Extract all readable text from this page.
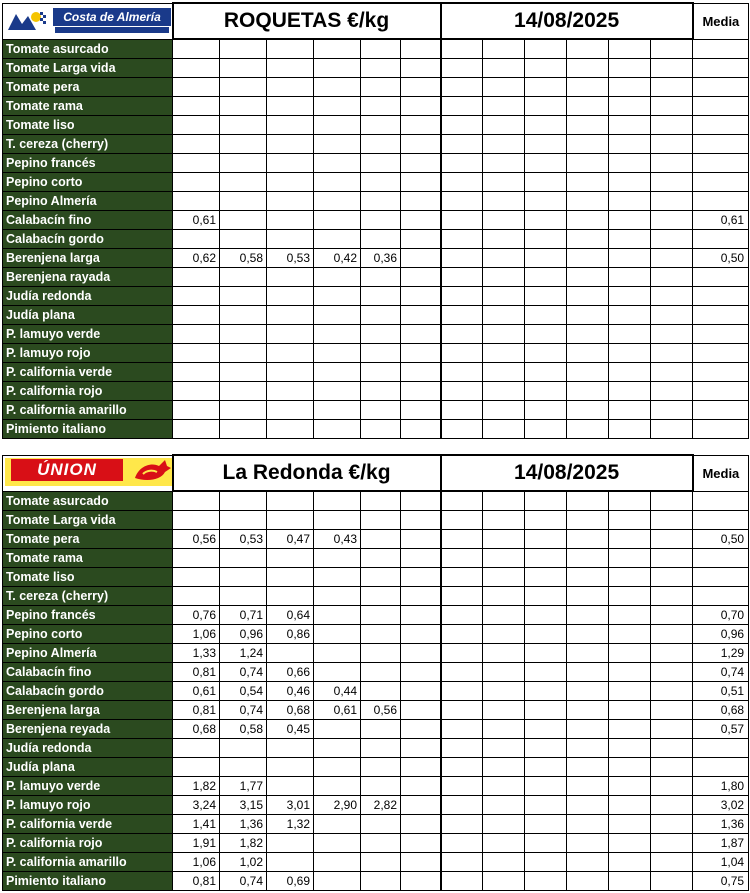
Costa de Almería	ROQUETAS €/kg						14/08/2025						Media
Tomate asurcado													
Tomate Larga vida													
Tomate pera													
Tomate rama													
Tomate liso													
T. cereza (cherry)													
Pepino francés													
Pepino corto													
Pepino Almería													
Calabacín fino	0,61												0,61
Calabacín gordo													
Berenjena larga	0,62	0,58	0,53	0,42	0,36								0,50
Berenjena rayada													
Judía redonda													
Judía plana													
P. lamuyo verde													
P. lamuyo rojo													
P. california verde													
P. california rojo													
P. california amarillo													
Pimiento italiano													
ÚNION	La Redonda €/kg						14/08/2025						Media
Tomate asurcado													
Tomate Larga vida													
Tomate pera	0,56	0,53	0,47	0,43									0,50
Tomate rama													
Tomate liso													
T. cereza (cherry)													
Pepino francés	0,76	0,71	0,64										0,70
Pepino corto	1,06	0,96	0,86										0,96
Pepino Almería	1,33	1,24											1,29
Calabacín fino	0,81	0,74	0,66										0,74
Calabacín gordo	0,61	0,54	0,46	0,44									0,51
Berenjena larga	0,81	0,74	0,68	0,61	0,56								0,68
Berenjena reyada	0,68	0,58	0,45										0,57
Judía redonda													
Judía plana													
P. lamuyo verde	1,82	1,77											1,80
P. lamuyo rojo	3,24	3,15	3,01	2,90	2,82								3,02
P. california verde	1,41	1,36	1,32										1,36
P. california rojo	1,91	1,82											1,87
P. california amarillo	1,06	1,02											1,04
Pimiento italiano	0,81	0,74	0,69										0,75
